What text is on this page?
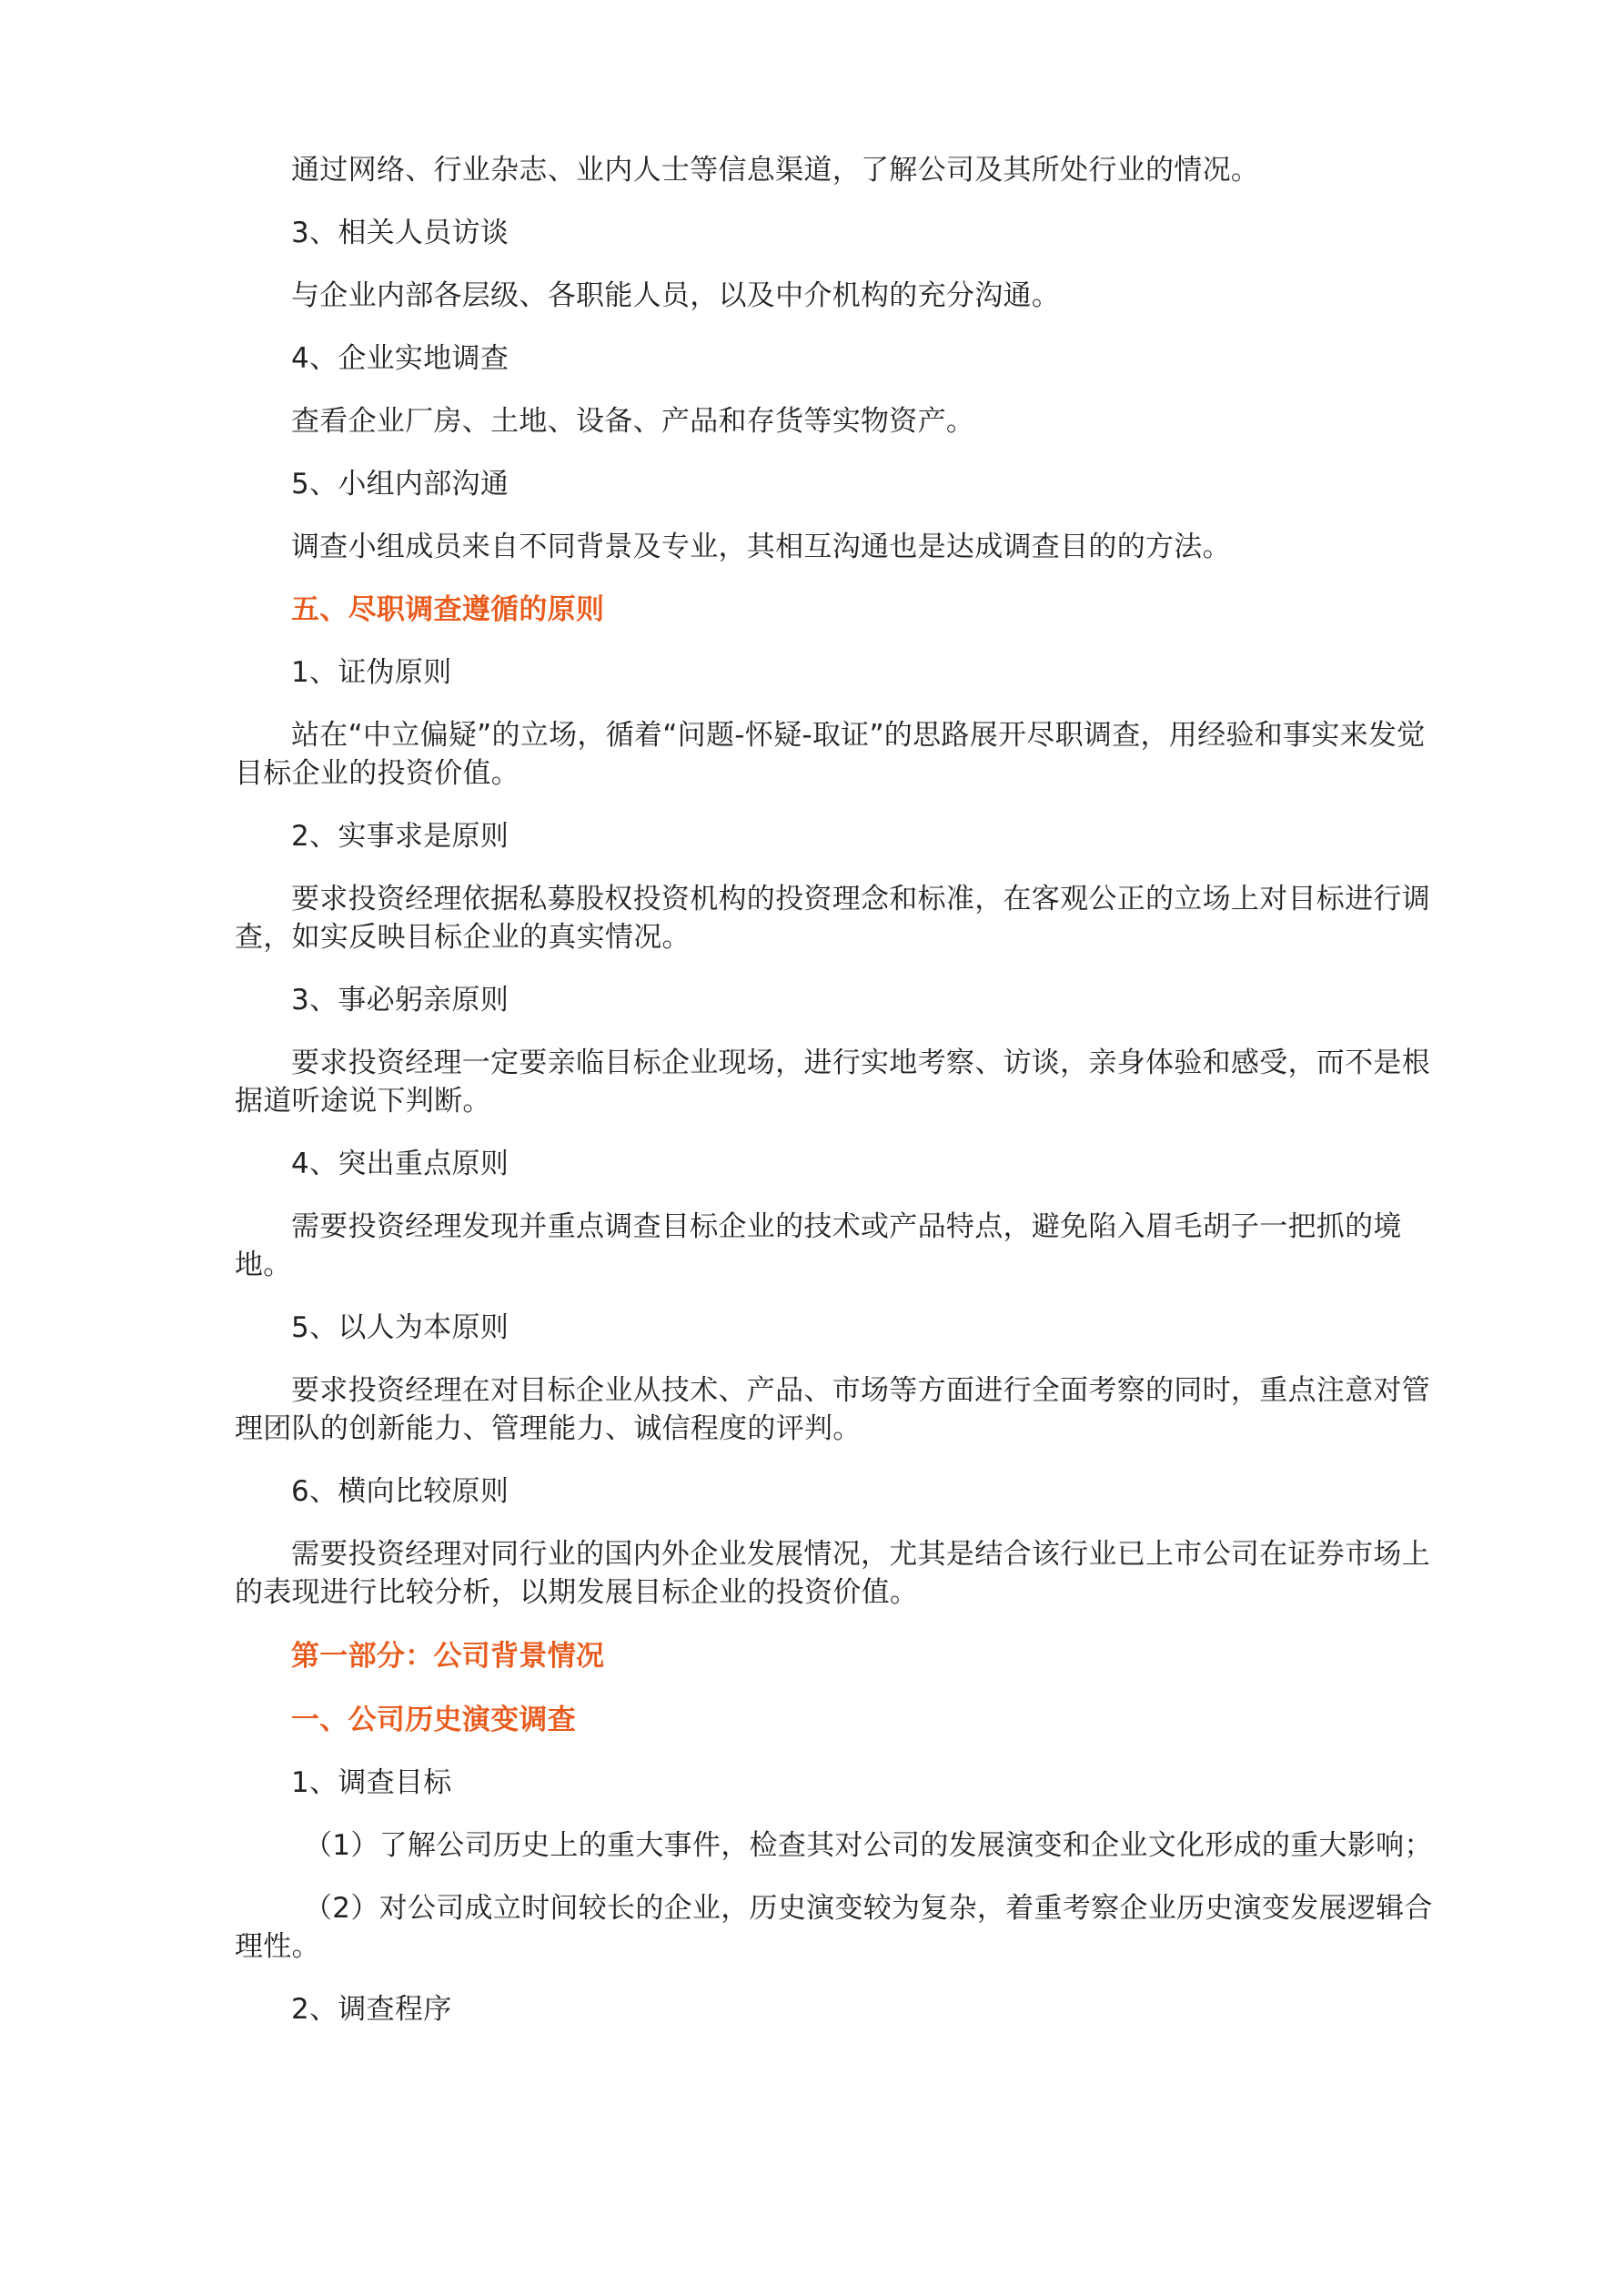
通过网络、行业杂志、业内人士等信息渠道，了解公司及其所处行业的情况。

3、相关人员访谈

与企业内部各层级、各职能人员，以及中介机构的充分沟通。

4、企业实地调查

查看企业厂房、土地、设备、产品和存货等实物资产。

5、小组内部沟通

调查小组成员来自不同背景及专业，其相互沟通也是达成调查目的的方法。

五、尽职调查遵循的原则

1、证伪原则

站在“中立偏疑”的立场，循着“问题-怀疑-取证”的思路展开尽职调查，用经验和事实来发觉目标企业的投资价值。

2、实事求是原则

要求投资经理依据私募股权投资机构的投资理念和标准，在客观公正的立场上对目标进行调查，如实反映目标企业的真实情况。

3、事必躬亲原则

要求投资经理一定要亲临目标企业现场，进行实地考察、访谈，亲身体验和感受，而不是根据道听途说下判断。

4、突出重点原则

需要投资经理发现并重点调查目标企业的技术或产品特点，避免陷入眉毛胡子一把抓的境地。

5、以人为本原则

要求投资经理在对目标企业从技术、产品、市场等方面进行全面考察的同时，重点注意对管理团队的创新能力、管理能力、诚信程度的评判。

6、横向比较原则

需要投资经理对同行业的国内外企业发展情况，尤其是结合该行业已上市公司在证券市场上的表现进行比较分析，以期发展目标企业的投资价值。

第一部分：公司背景情况

一、公司历史演变调查

1、调查目标

（1）了解公司历史上的重大事件，检查其对公司的发展演变和企业文化形成的重大影响；

（2）对公司成立时间较长的企业，历史演变较为复杂，着重考察企业历史演变发展逻辑合理性。

2、调查程序
